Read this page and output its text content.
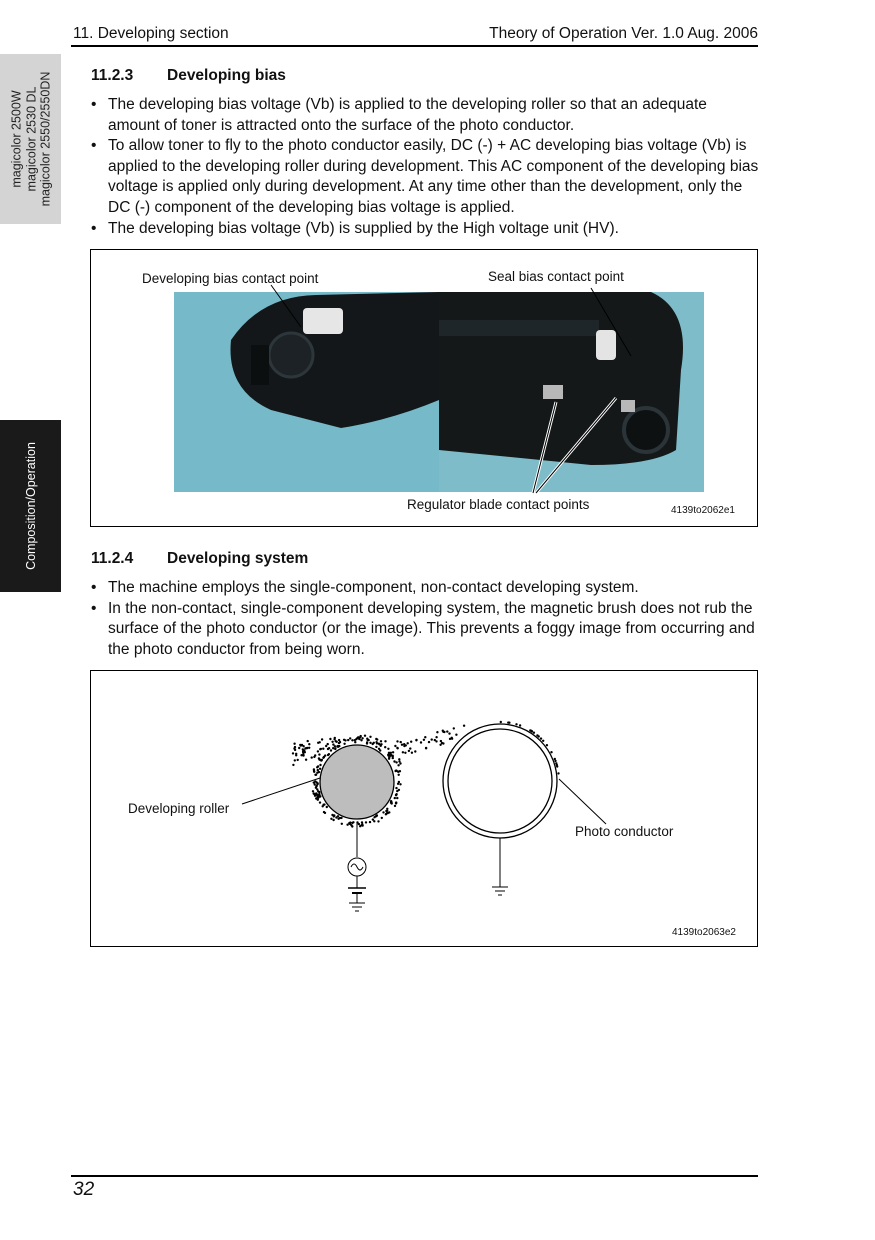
11. Developing section	Theory of Operation Ver. 1.0 Aug. 2006
magicolor 2500W magicolor 2530 DL magicolor 2550/2550DN
Composition/Operation
11.2.3 Developing bias
• The developing bias voltage (Vb) is applied to the developing roller so that an adequate amount of toner is attracted onto the surface of the photo conductor.
• To allow toner to fly to the photo conductor easily, DC (-) + AC developing bias voltage (Vb) is applied to the developing roller during development. This AC component of the developing bias voltage is applied only during development. At any time other than the development, only the DC (-) component of the developing bias voltage is applied.
• The developing bias voltage (Vb) is supplied by the High voltage unit (HV).
Developing bias contact point	Seal bias contact point
Regulator blade contact points	4139to2062e1
11.2.4 Developing system
• The machine employs the single-component, non-contact developing system.
• In the non-contact, single-component developing system, the magnetic brush does not rub the surface of the photo conductor (or the image). This prevents a foggy image from occurring and the photo conductor from being worn.
Developing roller
Photo conductor
4139to2063e2
32
